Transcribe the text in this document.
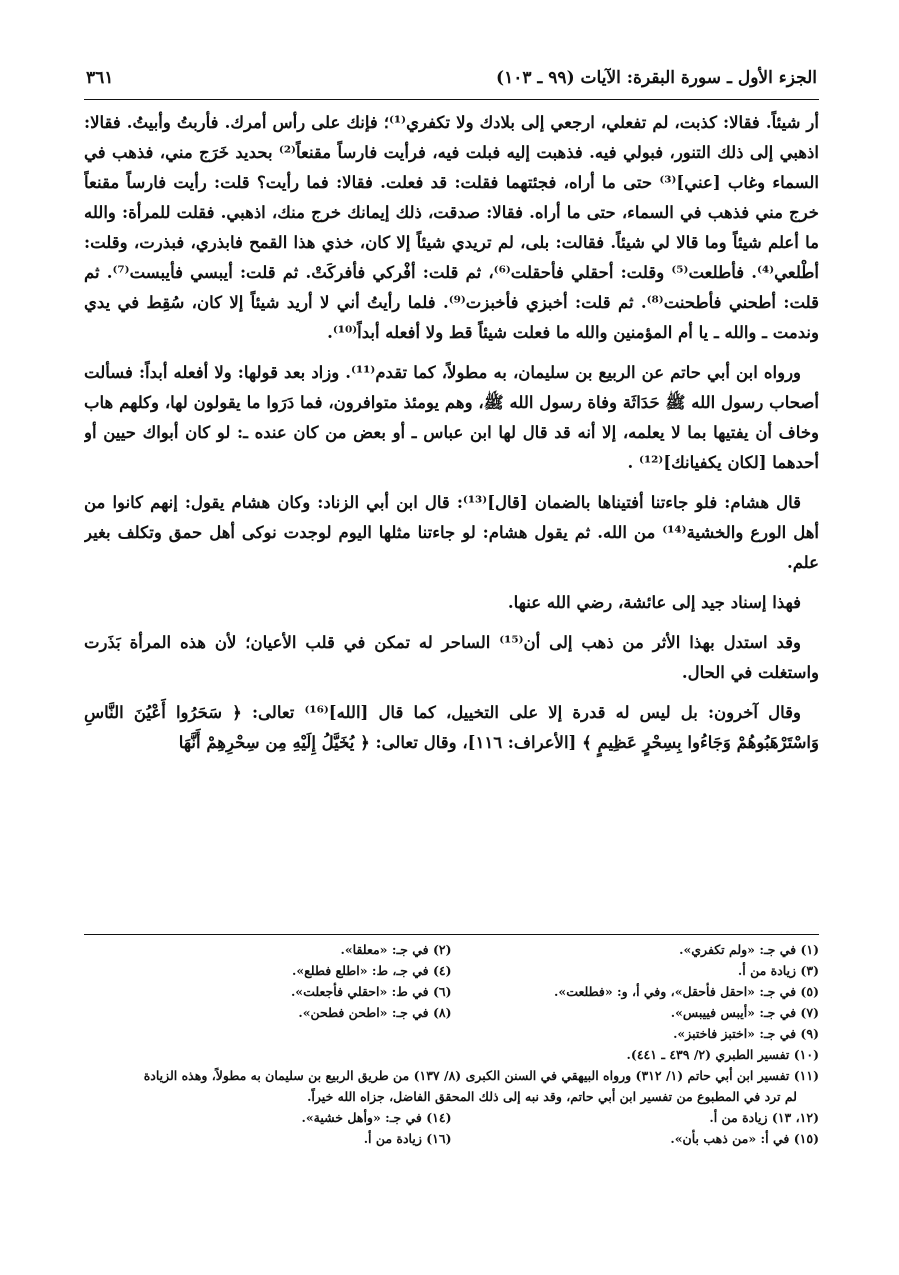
الجزء الأول ـ سورة البقرة: الآيات (٩٩ ـ ١٠٣)
٣٦١

أر شيئاً. فقالا: كذبت، لم تفعلي، ارجعي إلى بلادك ولا تكفري⁽¹⁾؛ فإنك على رأس أمرك. فأربتُ وأبيتُ. فقالا: اذهبي إلى ذلك التنور، فبولي فيه. فذهبت إليه فبلت فيه، فرأيت فارساً مقنعاً⁽²⁾ بحديد خَرَج مني، فذهب في السماء وغاب [عني]⁽³⁾ حتى ما أراه، فجئتهما فقلت: قد فعلت. فقالا: فما رأيت؟ قلت: رأيت فارساً مقنعاً خرج مني فذهب في السماء، حتى ما أراه. فقالا: صدقت، ذلك إيمانك خرج منك، اذهبي. فقلت للمرأة: والله ما أعلم شيئاً وما قالا لي شيئاً. فقالت: بلى، لم تريدي شيئاً إلا كان، خذي هذا القمح فابذري، فبذرت، وقلت: أطْلعي⁽⁴⁾. فأطلعت⁽⁵⁾ وقلت: أحقلي فأحقلت⁽⁶⁾، ثم قلت: أفْركي فأفركَتْ. ثم قلت: أيبسي فأيبست⁽⁷⁾. ثم قلت: أطحني فأطحنت⁽⁸⁾. ثم قلت: أخبزي فأخبزت⁽⁹⁾. فلما رأيتُ أني لا أريد شيئاً إلا كان، سُقِط في يدي وندمت ـ والله ـ يا أم المؤمنين والله ما فعلت شيئاً قط ولا أفعله أبداً⁽¹⁰⁾.

ورواه ابن أبي حاتم عن الربيع بن سليمان، به مطولاً، كما تقدم⁽¹¹⁾. وزاد بعد قولها: ولا أفعله أبداً: فسألت أصحاب رسول الله ﷺ حَدَاثَة وفاة رسول الله ﷺ، وهم يومئذ متوافرون، فما دَرَوا ما يقولون لها، وكلهم هاب وخاف أن يفتيها بما لا يعلمه، إلا أنه قد قال لها ابن عباس ـ أو بعض من كان عنده ـ: لو كان أبواك حيين أو أحدهما [لكان يكفيانك]⁽¹²⁾ .

قال هشام: فلو جاءتنا أفتيناها بالضمان [قال]⁽¹³⁾: قال ابن أبي الزناد: وكان هشام يقول: إنهم كانوا من أهل الورع والخشية⁽¹⁴⁾ من الله. ثم يقول هشام: لو جاءتنا مثلها اليوم لوجدت نوكى أهل حمق وتكلف بغير علم.

فهذا إسناد جيد إلى عائشة، رضي الله عنها.

وقد استدل بهذا الأثر من ذهب إلى أن⁽¹⁵⁾ الساحر له تمكن في قلب الأعيان؛ لأن هذه المرأة بَذَرت واستغلت في الحال.

وقال آخرون: بل ليس له قدرة إلا على التخييل، كما قال [الله]⁽¹⁶⁾ تعالى: ﴿ سَحَرُوا أَعْيُنَ النَّاسِ وَاسْتَرْهَبُوهُمْ وَجَاءُوا بِسِحْرٍ عَظِيمٍ ﴾ [الأعراف: ١١٦]، وقال تعالى: ﴿ يُخَيَّلُ إِلَيْهِ مِن سِحْرِهِمْ أَنَّهَا

(١) في جـ: «ولم تكفري».
(٢) في جـ: «معلقا».
(٣) زيادة من أ.
(٤) في جـ، ط: «اطلع فطلع».
(٥) في جـ: «احقل فأحقل»، وفي أ، و: «فطلعت».
(٦) في ط: «احقلي فأجعلت».
(٧) في جـ: «أيبس فييبس».
(٨) في جـ: «اطحن فطحن».
(٩) في جـ: «اختبز فاختبز».
(١٠) تفسير الطبري (٢/ ٤٣٩ ـ ٤٤١).
(١١) تفسير ابن أبي حاتم (١/ ٣١٢) ورواه البيهقي في السنن الكبرى (٨/ ١٣٧) من طريق الربيع بن سليمان به مطولاً، وهذه الزيادة
لم ترد في المطبوع من تفسير ابن أبي حاتم، وقد نبه إلى ذلك المحقق الفاضل، جزاه الله خيراً.
(١٢، ١٣) زيادة من أ.
(١٤) في جـ: «وأهل خشية».
(١٥) في أ: «من ذهب بأن».
(١٦) زيادة من أ.
